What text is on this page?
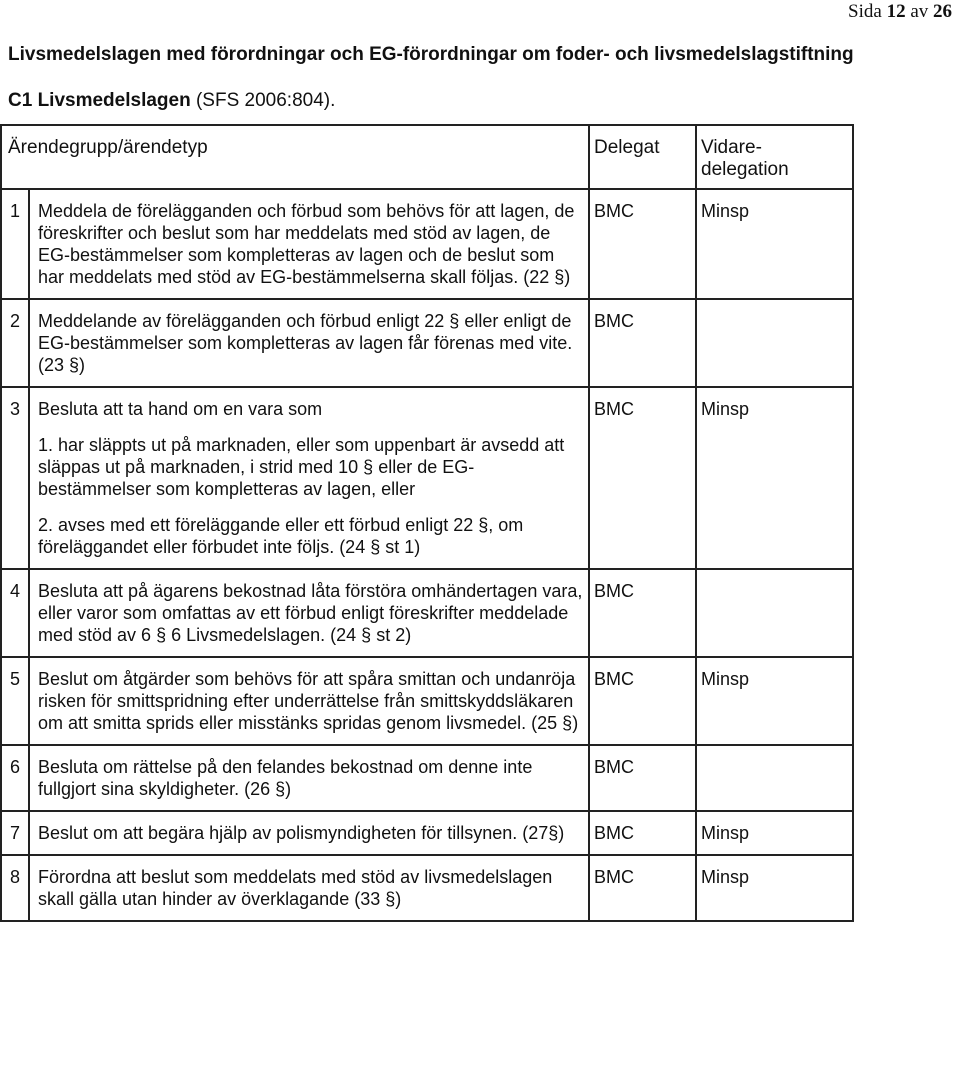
Sida 12 av 26
Livsmedelslagen med förordningar och EG-förordningar om foder- och livsmedelslagstiftning
C1 Livsmedelslagen (SFS 2006:804).
Ärendegrupp/ärendetyp		Delegat	Vidare-
delegation

1	Meddela de förelägganden och förbud som behövs för att lagen, de föreskrifter och beslut som har meddelats med stöd av lagen, de EG-bestämmelser som kompletteras av lagen och de beslut som har meddelats med stöd av EG-bestämmelserna skall följas. (22 §)	BMC	Minsp

2	Meddelande av förelägganden och förbud enligt 22 § eller enligt de EG-bestämmelser som kompletteras av lagen får förenas med vite. (23 §)	BMC	

3	Besluta att ta hand om en vara som

1. har släppts ut på marknaden, eller som uppenbart är avsedd att släppas ut på marknaden, i strid med 10 § eller de EG-bestämmelser som kompletteras av lagen, eller

2. avses med ett föreläggande eller ett förbud enligt 22 §, om föreläggandet eller förbudet inte följs. (24 § st 1)	BMC	Minsp

4	Besluta att på ägarens bekostnad låta förstöra omhändertagen vara, eller varor som omfattas av ett förbud enligt föreskrifter meddelade med stöd av 6 § 6 Livsmedelslagen. (24 § st 2)	BMC	

5	Beslut om åtgärder som behövs för att spåra smittan och undanröja risken för smittspridning efter underrättelse från smittskyddsläkaren om att smitta sprids eller misstänks spridas genom livsmedel. (25 §)	BMC	Minsp

6	Besluta om rättelse på den felandes bekostnad om denne inte fullgjort sina skyldigheter. (26 §)	BMC	

7	Beslut om att begära hjälp av polismyndigheten för tillsynen. (27§)	BMC	Minsp

8	Förordna att beslut som meddelats med stöd av livsmedelslagen skall gälla utan hinder av överklagande (33 §)	BMC	Minsp
